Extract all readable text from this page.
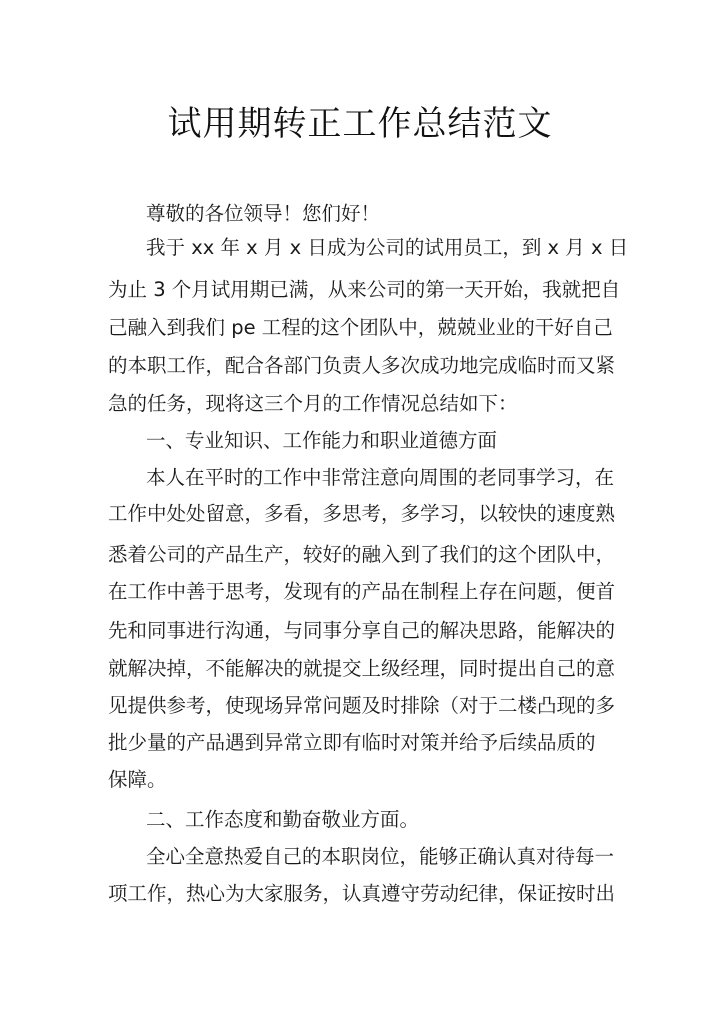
试用期转正工作总结范文
尊敬的各位领导！您们好！
我于 xx 年 x 月 x 日成为公司的试用员工，到 x 月 x 日
为止 3 个月试用期已满，从来公司的第一天开始，我就把自
己融入到我们 pe 工程的这个团队中，兢兢业业的干好自己
的本职工作，配合各部门负责人多次成功地完成临时而又紧
急的任务，现将这三个月的工作情况总结如下：
一、专业知识、工作能力和职业道德方面
本人在平时的工作中非常注意向周围的老同事学习，在
工作中处处留意，多看，多思考，多学习，以较快的速度熟
悉着公司的产品生产，较好的融入到了我们的这个团队中，
在工作中善于思考，发现有的产品在制程上存在问题，便首
先和同事进行沟通，与同事分享自己的解决思路，能解决的
就解决掉，不能解决的就提交上级经理，同时提出自己的意
见提供参考，使现场异常问题及时排除（对于二楼凸现的多
批少量的产品遇到异常立即有临时对策并给予后续品质的
保障。
二、工作态度和勤奋敬业方面。
全心全意热爱自己的本职岗位，能够正确认真对待每一
项工作，热心为大家服务，认真遵守劳动纪律，保证按时出
